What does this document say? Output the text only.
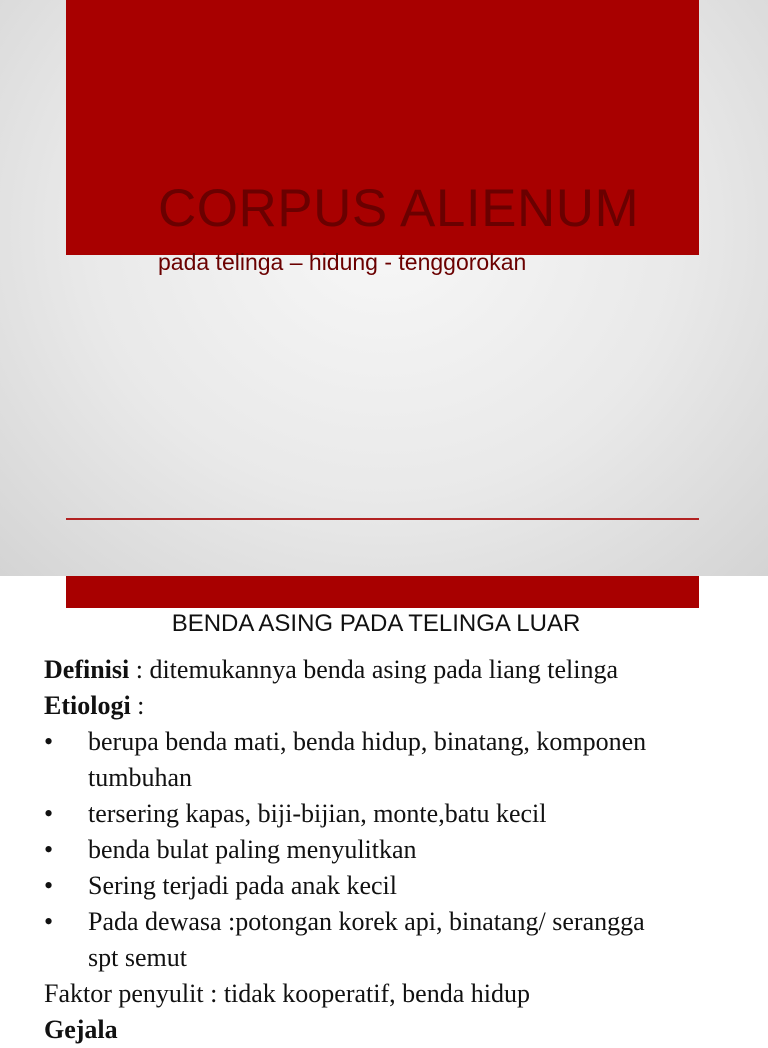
CORPUS ALIENUM
pada telinga – hidung - tenggorokan
BENDA ASING PADA TELINGA LUAR
Definisi : ditemukannya benda asing pada liang telinga
Etiologi :
•	berupa benda mati, benda hidup, binatang, komponen tumbuhan
•	tersering kapas, biji-bijian, monte,batu kecil
•	benda bulat paling menyulitkan
•	Sering terjadi pada anak kecil
•	Pada dewasa :potongan korek api, binatang/ serangga spt semut
Faktor penyulit : tidak kooperatif, benda hidup
Gejala
